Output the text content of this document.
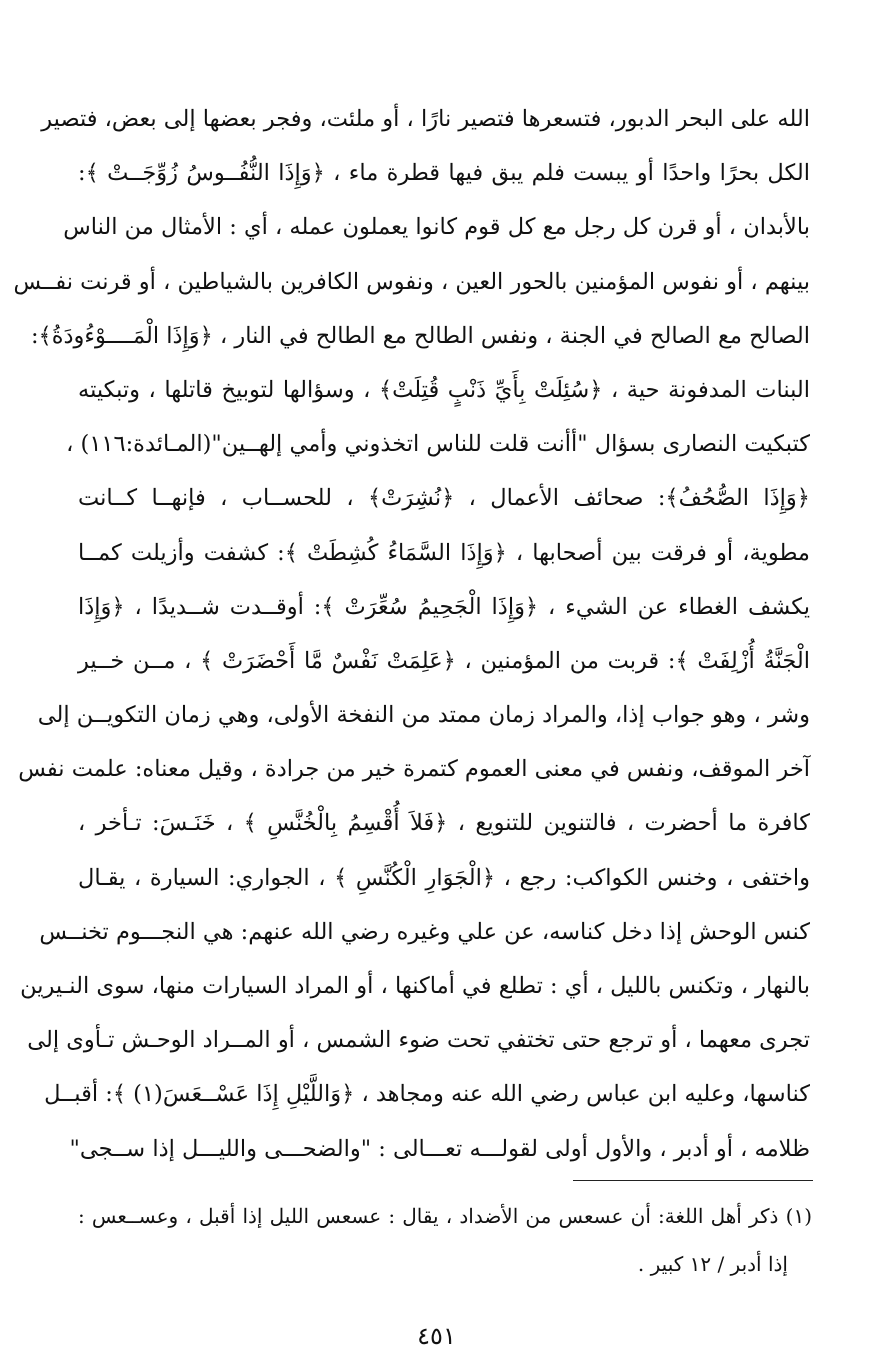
الله على البحر الدبور، فتسعرها فتصير نارًا ، أو ملئت، وفجر بعضها إلى بعض، فتصير
الكل بحرًا واحدًا أو يبست فلم يبق فيها قطرة ماء ، ﴿وَإِذَا النُّفُــوسُ زُوِّجَــتْ ﴾:
بالأبدان ، أو قرن كل رجل مع كل قوم كانوا يعملون عمله ، أي : الأمثال من الناس
بينهم ، أو نفوس المؤمنين بالحور العين ، ونفوس الكافرين بالشياطين ، أو قرنت نفــس
الصالح مع الصالح في الجنة ، ونفس الطالح مع الطالح في النار ، ﴿وَإِذَا الْمَــــوْءُودَةُ﴾:
البنات المدفونة حية ، ﴿سُئِلَتْ بِأَيِّ ذَنْبٍ قُتِلَتْ﴾ ، وسؤالها لتوبيخ قاتلها ، وتبكيته
كتبكيت النصارى بسؤال "أأنت قلت للناس اتخذوني وأمي إلهــين"(المـائدة:١١٦) ،
﴿وَإِذَا الصُّحُفُ﴾: صحائف الأعمال ، ﴿نُشِرَتْ﴾ ، للحســاب ، فإنهــا كــانت
مطوية، أو فرقت بين أصحابها ، ﴿وَإِذَا السَّمَاءُ كُشِطَتْ ﴾: كشفت وأزيلت كمــا
يكشف الغطاء عن الشيء ، ﴿وَإِذَا الْجَحِيمُ سُعِّرَتْ ﴾: أوقــدت شــديدًا ، ﴿وَإِذَا
الْجَنَّةُ أُزْلِفَتْ ﴾: قربت من المؤمنين ، ﴿عَلِمَتْ نَفْسٌ مَّا أَحْضَرَتْ ﴾ ، مــن خــير
وشر ، وهو جواب إذا، والمراد زمان ممتد من النفخة الأولى، وهي زمان التكويــن إلى
آخر الموقف، ونفس في معنى العموم كتمرة خير من جرادة ، وقيل معناه: علمت نفس
كافرة ما أحضرت ، فالتنوين للتنويع ، ﴿فَلاَ أُقْسِمُ بِالْخُنَّسِ ﴾ ، خَنَـسَ: تـأخر ،
واختفى ، وخنس الكواكب: رجع ، ﴿الْجَوَارِ الْكُنَّسِ ﴾ ، الجواري: السيارة ، يقـال
كنس الوحش إذا دخل كناسه، عن علي وغيره رضي الله عنهم: هي النجـــوم تخنــس
بالنهار ، وتكنس بالليل ، أي : تطلع في أماكنها ، أو المراد السيارات منها، سوى النـيرين
تجرى معهما ، أو ترجع حتى تختفي تحت ضوء الشمس ، أو المــراد الوحـش تـأوى إلى
كناسها، وعليه ابن عباس رضي الله عنه ومجاهد ، ﴿وَاللَّيْلِ إِذَا عَسْــعَسَ(١) ﴾: أقبــل
ظلامه ، أو أدبر ، والأول أولى لقولـــه تعـــالى : "والضحـــى والليـــل إذا ســجى"
(١) ذكر أهل اللغة: أن عسعس من الأضداد ، يقال : عسعس الليل إذا أقبل ، وعســعس :
إذا أدبر / ١٢ كبير .
٤٥١
